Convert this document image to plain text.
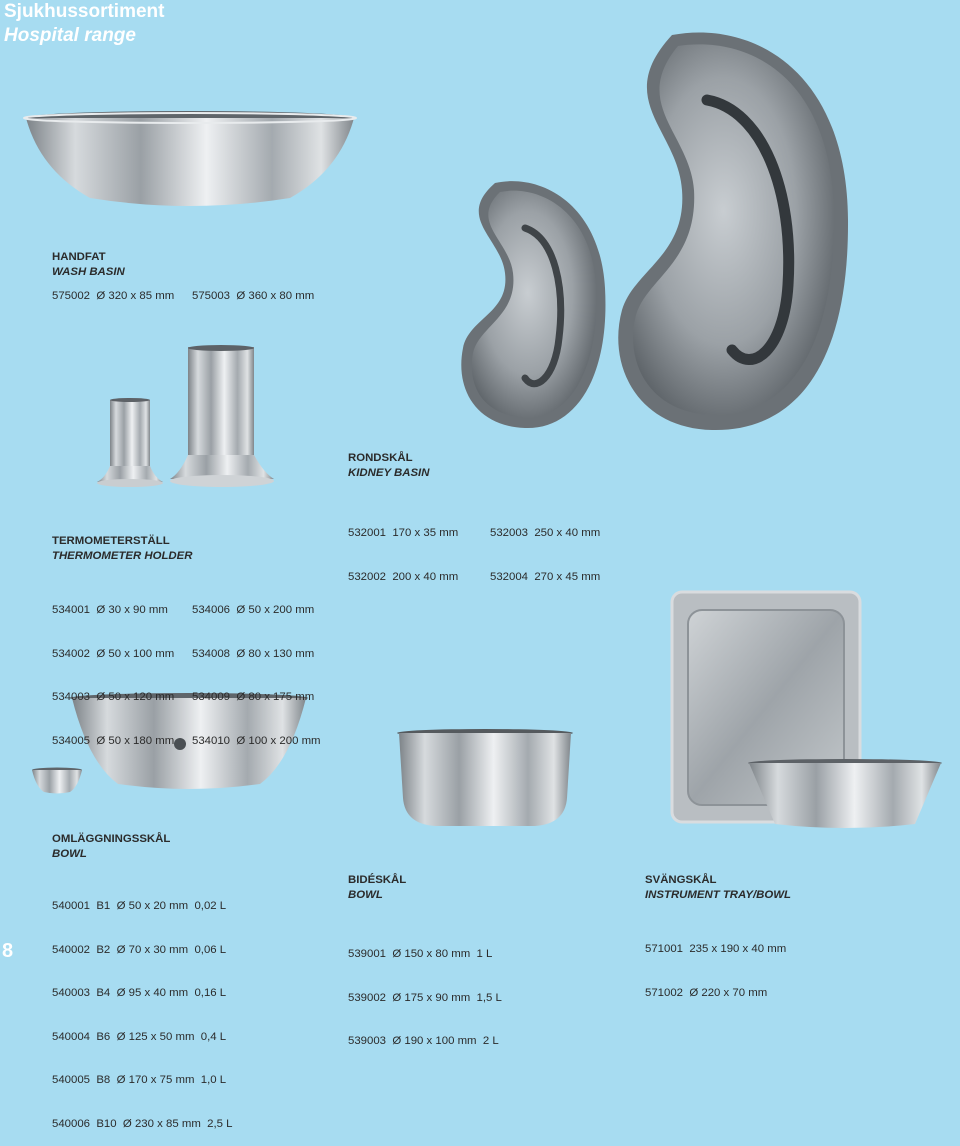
Sjukhussortiment
Hospital range
HANDFAT
WASH BASIN
575002  Ø 320 x 85 mm 575003  Ø 360 x 80 mm
RONDSKÅL
KIDNEY BASIN

532001  170 x 35 mm

532002  200 x 40 mm

532003  250 x 40 mm

532004  270 x 45 mm

TERMOMETERSTÄLL
THERMOMETER HOLDER

534001  Ø 30 x 90 mm

534002  Ø 50 x 100 mm

534003  Ø 50 x 120 mm

534005  Ø 50 x 180 mm

534006  Ø 50 x 200 mm

534008  Ø 80 x 130 mm

534009  Ø 80 x 175 mm

534010  Ø 100 x 200 mm

OMLÄGGNINGSSKÅL
BOWL

540001  B1  Ø 50 x 20 mm  0,02 L

540002  B2  Ø 70 x 30 mm  0,06 L

540003  B4  Ø 95 x 40 mm  0,16 L

540004  B6  Ø 125 x 50 mm  0,4 L

540005  B8  Ø 170 x 75 mm  1,0 L

540006  B10  Ø 230 x 85 mm  2,5 L

BIDÉSKÅL
BOWL

539001  Ø 150 x 80 mm  1 L

539002  Ø 175 x 90 mm  1,5 L

539003  Ø 190 x 100 mm  2 L

SVÄNGSKÅL
INSTRUMENT TRAY/BOWL

571001  235 x 190 x 40 mm

571002  Ø 220 x 70 mm

8
